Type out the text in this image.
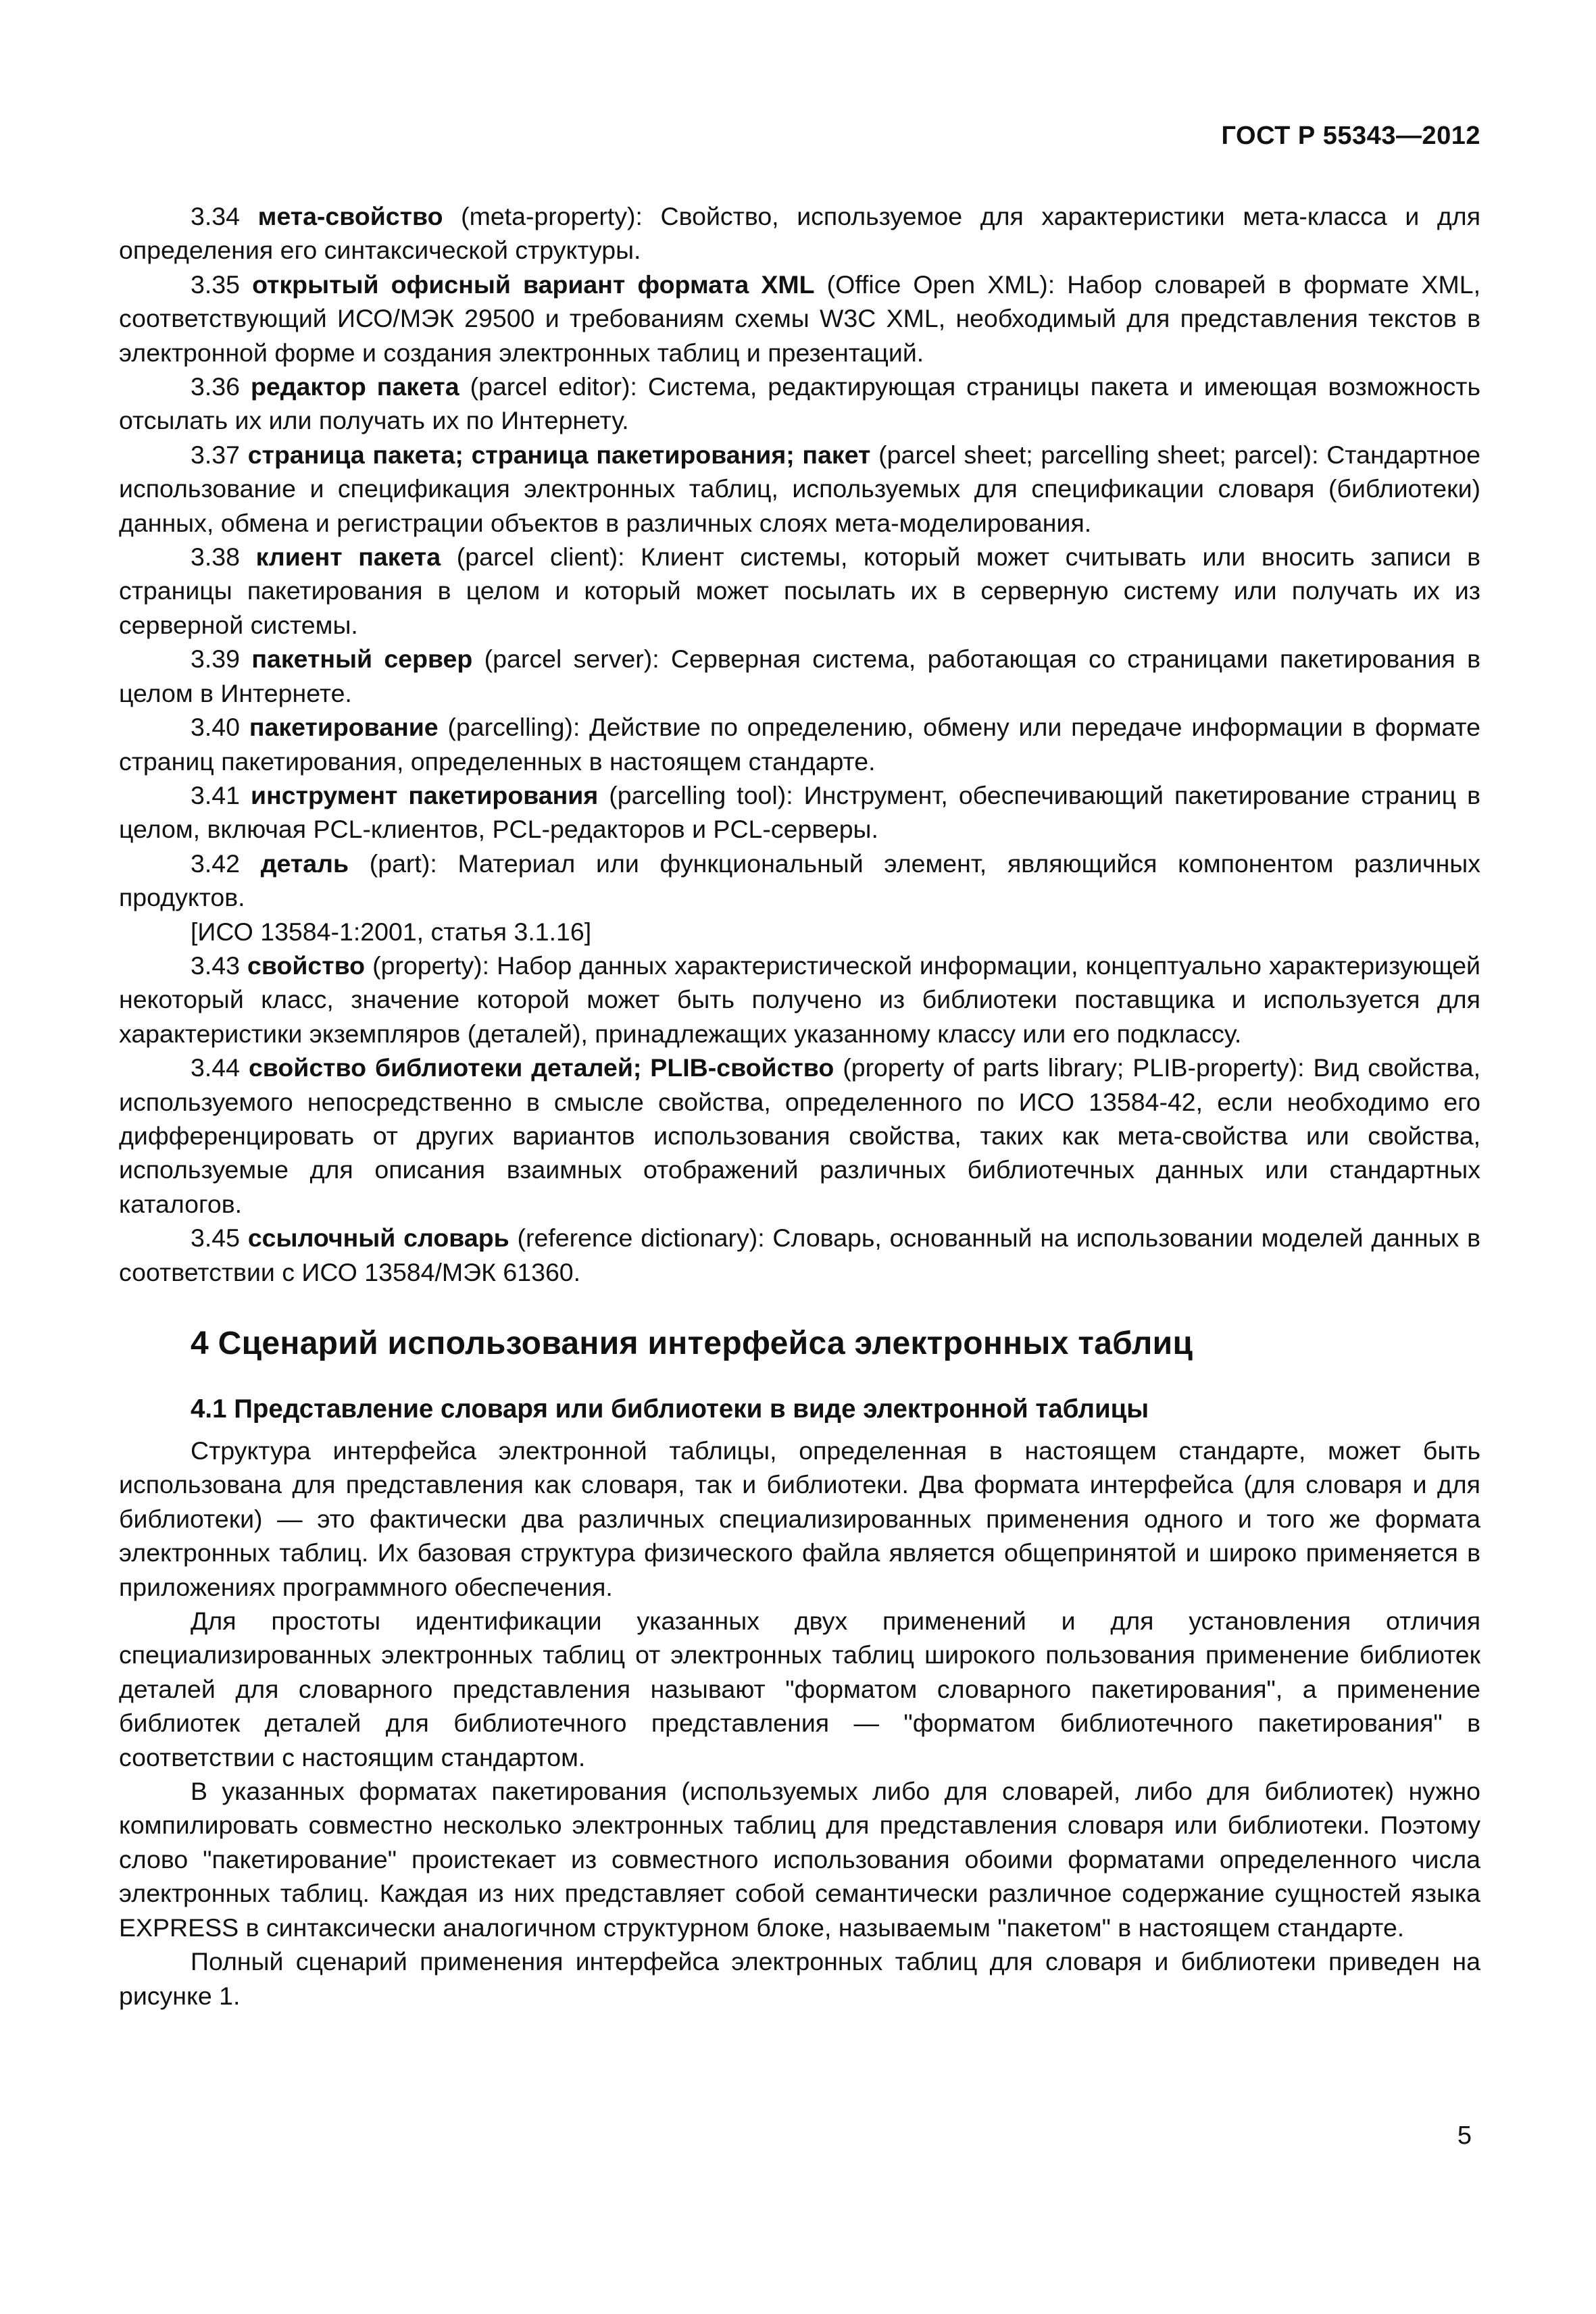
ГОСТ Р 55343—2012

3.34 мета-свойство (meta-property): Свойство, используемое для характеристики мета-класса и для определения его синтаксической структуры.

3.35 открытый офисный вариант формата XML (Office Open XML): Набор словарей в формате XML, соответствующий ИСО/МЭК 29500 и требованиям схемы W3C XML, необходимый для представления текстов в электронной форме и создания электронных таблиц и презентаций.

3.36 редактор пакета (parcel editor): Система, редактирующая страницы пакета и имеющая возможность отсылать их или получать их по Интернету.

3.37 страница пакета; страница пакетирования; пакет (parcel sheet; parcelling sheet; parcel): Стандартное использование и спецификация электронных таблиц, используемых для спецификации словаря (библиотеки) данных, обмена и регистрации объектов в различных слоях мета-моделирования.

3.38 клиент пакета (parcel client): Клиент системы, который может считывать или вносить записи в страницы пакетирования в целом и который может посылать их в серверную систему или получать их из серверной системы.

3.39 пакетный сервер (parcel server): Серверная система, работающая со страницами пакетирования в целом в Интернете.

3.40 пакетирование (parcelling): Действие по определению, обмену или передаче информации в формате страниц пакетирования, определенных в настоящем стандарте.

3.41 инструмент пакетирования (parcelling tool): Инструмент, обеспечивающий пакетирование страниц в целом, включая PCL-клиентов, PCL-редакторов и PCL-серверы.

3.42 деталь (part): Материал или функциональный элемент, являющийся компонентом различных продуктов.

[ИСО 13584-1:2001, статья 3.1.16]

3.43 свойство (property): Набор данных характеристической информации, концептуально характеризующей некоторый класс, значение которой может быть получено из библиотеки поставщика и используется для характеристики экземпляров (деталей), принадлежащих указанному классу или его подклассу.

3.44 свойство библиотеки деталей; PLIB-свойство (property of parts library; PLIB-property): Вид свойства, используемого непосредственно в смысле свойства, определенного по ИСО 13584-42, если необходимо его дифференцировать от других вариантов использования свойства, таких как мета-свойства или свойства, используемые для описания взаимных отображений различных библиотечных данных или стандартных каталогов.

3.45 ссылочный словарь (reference dictionary): Словарь, основанный на использовании моделей данных в соответствии с ИСО 13584/МЭК 61360.

4 Сценарий использования интерфейса электронных таблиц
4.1 Представление словаря или библиотеки в виде электронной таблицы

Структура интерфейса электронной таблицы, определенная в настоящем стандарте, может быть использована для представления как словаря, так и библиотеки. Два формата интерфейса (для словаря и для библиотеки) — это фактически два различных специализированных применения одного и того же формата электронных таблиц. Их базовая структура физического файла является общепринятой и широко применяется в приложениях программного обеспечения.

Для простоты идентификации указанных двух применений и для установления отличия специализированных электронных таблиц от электронных таблиц широкого пользования применение библиотек деталей для словарного представления называют "форматом словарного пакетирования", а применение библиотек деталей для библиотечного представления — "форматом библиотечного пакетирования" в соответствии с настоящим стандартом.

В указанных форматах пакетирования (используемых либо для словарей, либо для библиотек) нужно компилировать совместно несколько электронных таблиц для представления словаря или библиотеки. Поэтому слово "пакетирование" проистекает из совместного использования обоими форматами определенного числа электронных таблиц. Каждая из них представляет собой семантически различное содержание сущностей языка EXPRESS в синтаксически аналогичном структурном блоке, называемым "пакетом" в настоящем стандарте.

Полный сценарий применения интерфейса электронных таблиц для словаря и библиотеки приведен на рисунке 1.

5
